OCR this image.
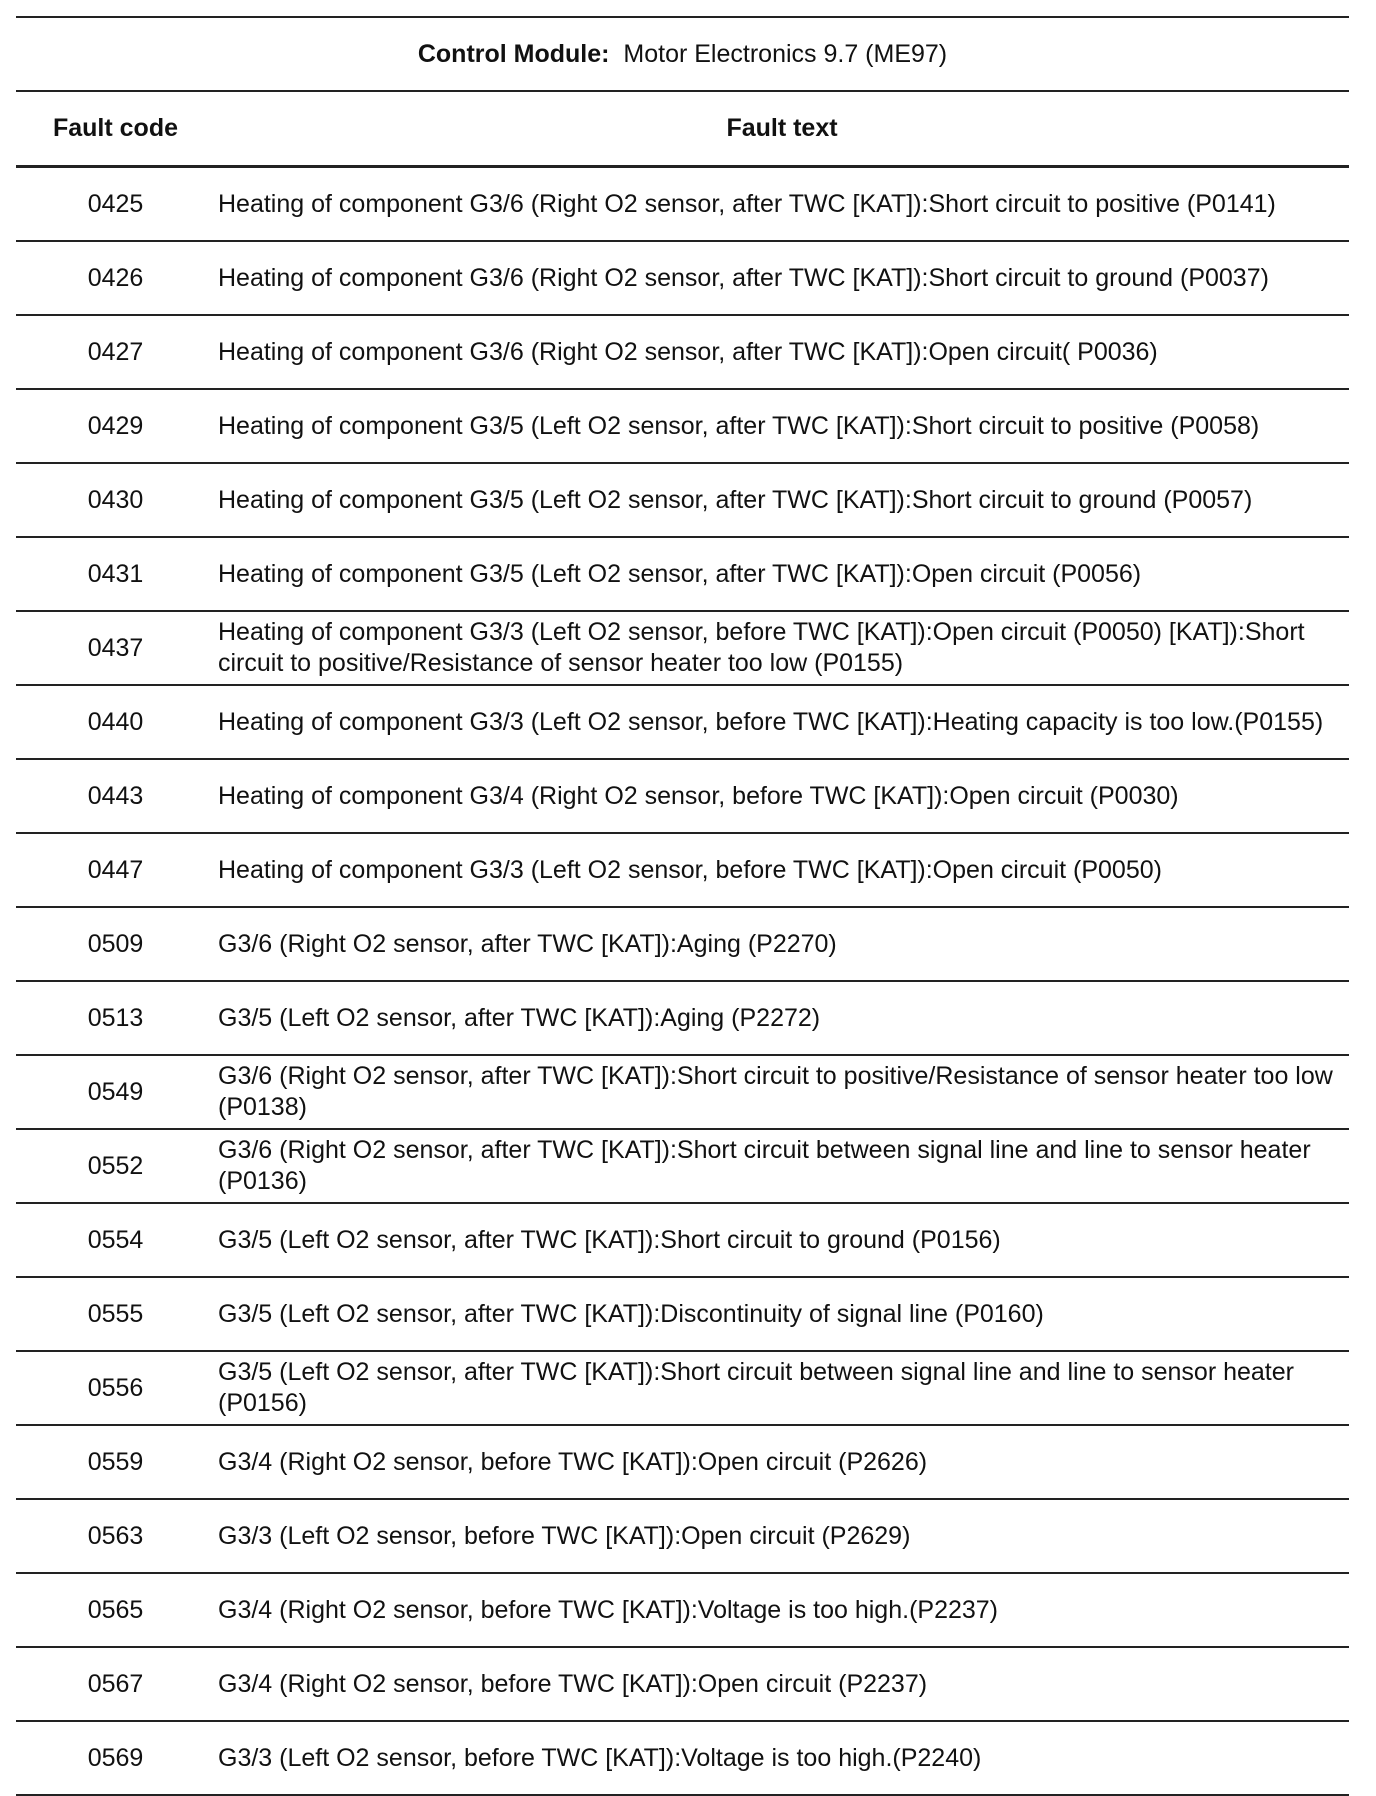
Control Module: Motor Electronics 9.7 (ME97)	
Fault code	Fault text
0425	Heating of component G3/6 (Right O2 sensor, after TWC [KAT]):Short circuit to positive (P0141)
0426	Heating of component G3/6 (Right O2 sensor, after TWC [KAT]):Short circuit to ground (P0037)
0427	Heating of component G3/6 (Right O2 sensor, after TWC [KAT]):Open circuit( P0036)
0429	Heating of component G3/5 (Left O2 sensor, after TWC [KAT]):Short circuit to positive (P0058)
0430	Heating of component G3/5 (Left O2 sensor, after TWC [KAT]):Short circuit to ground (P0057)
0431	Heating of component G3/5 (Left O2 sensor, after TWC [KAT]):Open circuit (P0056)
0437	Heating of component G3/3 (Left O2 sensor, before TWC [KAT]):Open circuit (P0050) [KAT]):Short circuit to positive/Resistance of sensor heater too low (P0155)
0440	Heating of component G3/3 (Left O2 sensor, before TWC [KAT]):Heating capacity is too low.(P0155)
0443	Heating of component G3/4 (Right O2 sensor, before TWC [KAT]):Open circuit (P0030)
0447	Heating of component G3/3 (Left O2 sensor, before TWC [KAT]):Open circuit (P0050)
0509	G3/6 (Right O2 sensor, after TWC [KAT]):Aging (P2270)
0513	G3/5 (Left O2 sensor, after TWC [KAT]):Aging (P2272)
0549	G3/6 (Right O2 sensor, after TWC [KAT]):Short circuit to positive/Resistance of sensor heater too low (P0138)
0552	G3/6 (Right O2 sensor, after TWC [KAT]):Short circuit between signal line and line to sensor heater (P0136)
0554	G3/5 (Left O2 sensor, after TWC [KAT]):Short circuit to ground (P0156)
0555	G3/5 (Left O2 sensor, after TWC [KAT]):Discontinuity of signal line (P0160)
0556	G3/5 (Left O2 sensor, after TWC [KAT]):Short circuit between signal line and line to sensor heater (P0156)
0559	G3/4 (Right O2 sensor, before TWC [KAT]):Open circuit (P2626)
0563	G3/3 (Left O2 sensor, before TWC [KAT]):Open circuit (P2629)
0565	G3/4 (Right O2 sensor, before TWC [KAT]):Voltage is too high.(P2237)
0567	G3/4 (Right O2 sensor, before TWC [KAT]):Open circuit (P2237)
0569	G3/3 (Left O2 sensor, before TWC [KAT]):Voltage is too high.(P2240)
